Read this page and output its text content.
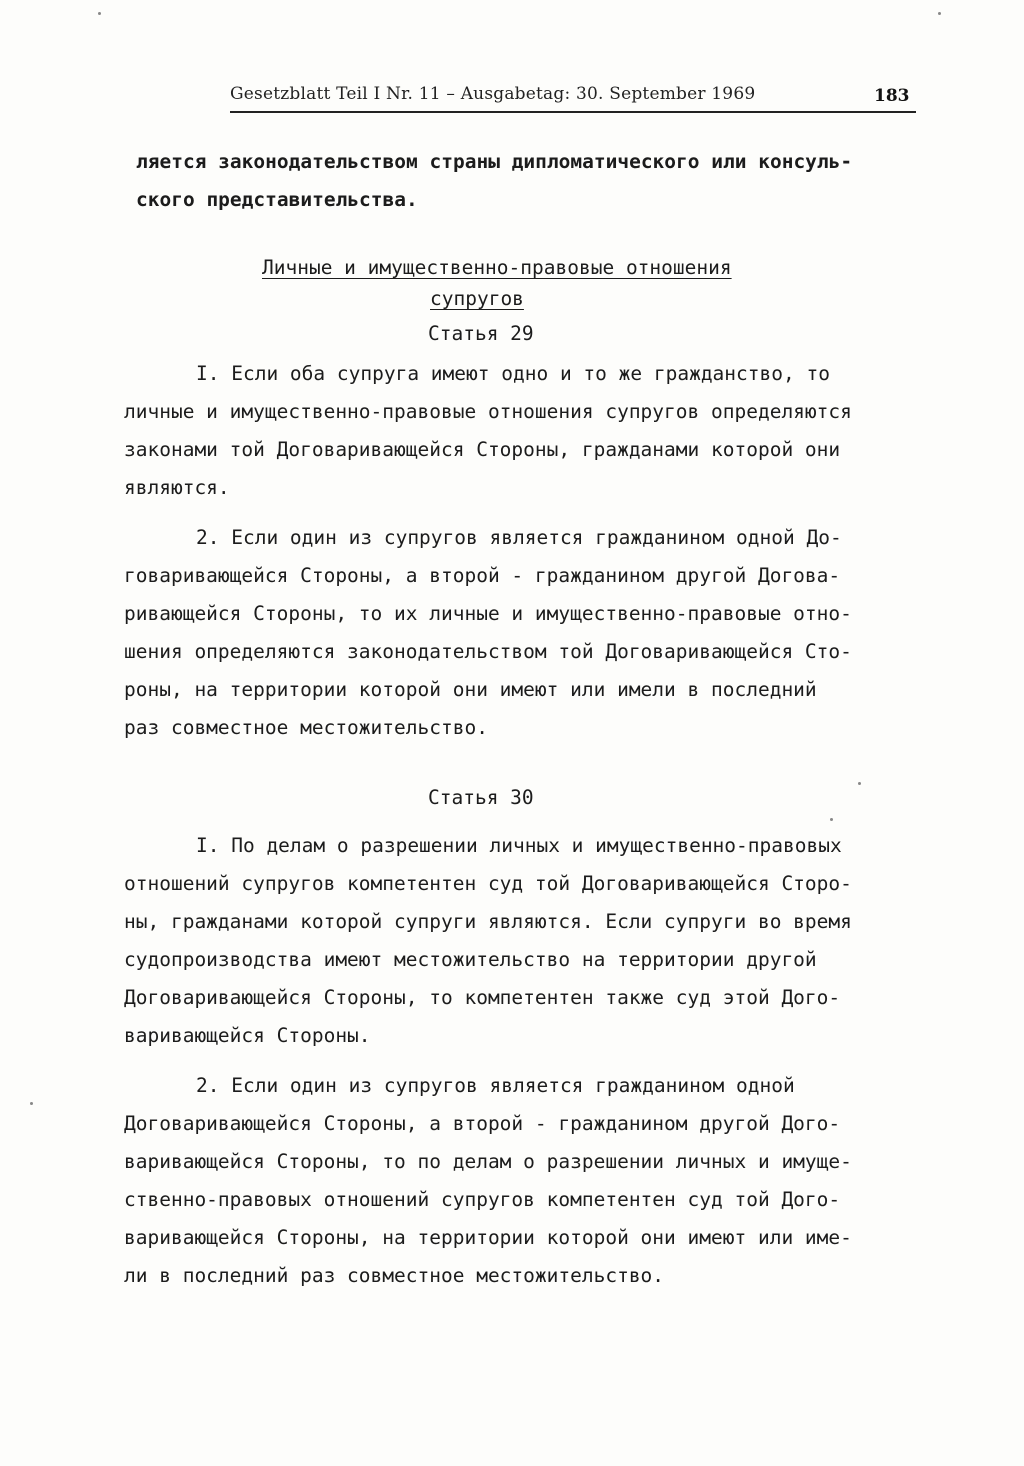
Gesetzblatt Teil I Nr. 11 – Ausgabetag: 30. September 1969	183

ляется законодательством страны дипломатического или консуль-

ского представительства.

Личные и имущественно-правовые отношения

супругов

Статья 29

I. Если оба супруга имеют одно и то же гражданство, то

личные и имущественно-правовые отношения супругов определяются

законами той Договаривающейся Стороны, гражданами которой они

являются.

2. Если один из супругов является гражданином одной До-

говаривающейся Стороны, а второй - гражданином другой Догова-

ривающейся Стороны, то их личные и имущественно-правовые отно-

шения определяются законодательством той Договаривающейся Сто-

роны, на территории которой они имеют или имели в последний

раз совместное местожительство.

Статья 30

I. По делам о разрешении личных и имущественно-правовых

отношений супругов компетентен суд той Договаривающейся Сторо-

ны, гражданами которой супруги являются. Если супруги во время

судопроизводства имеют местожительство на территории другой

Договаривающейся Стороны, то компетентен также суд этой Дого-

варивающейся Стороны.

2. Если один из супругов является гражданином одной

Договаривающейся Стороны, а второй - гражданином другой Дого-

варивающейся Стороны, то по делам о разрешении личных и имуще-

ственно-правовых отношений супругов компетентен суд той Дого-

варивающейся Стороны, на территории которой они имеют или име-

ли в последний раз совместное местожительство.
